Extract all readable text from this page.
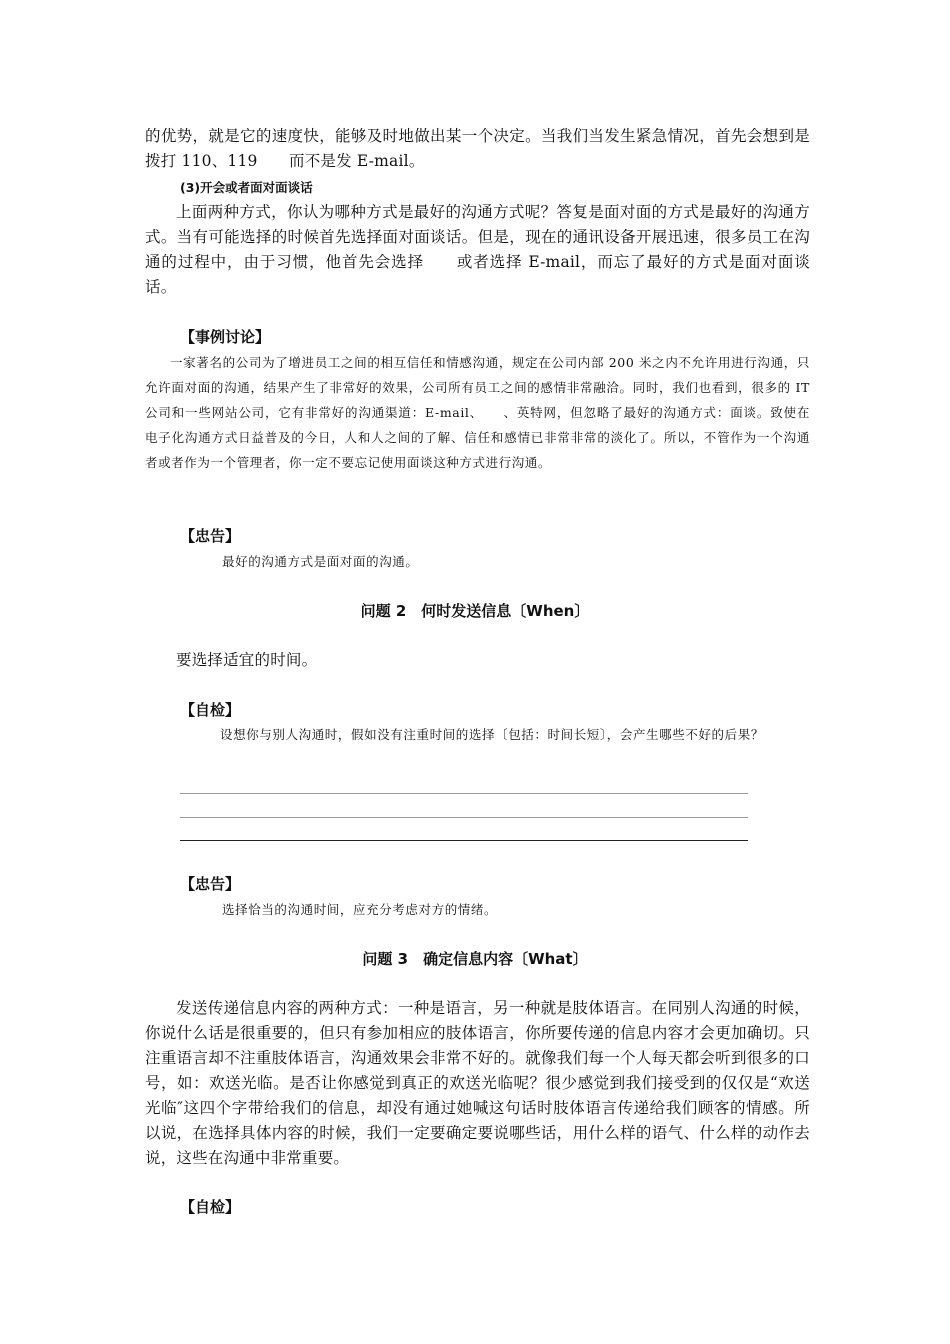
的优势，就是它的速度快，能够及时地做出某一个决定。当我们当发生紧急情况，首先会想到是拨打 110、119　　而不是发 E-mail。

(3)开会或者面对面谈话

上面两种方式，你认为哪种方式是最好的沟通方式呢？答复是面对面的方式是最好的沟通方式。当有可能选择的时候首先选择面对面谈话。但是，现在的通讯设备开展迅速，很多员工在沟通的过程中，由于习惯，他首先会选择　　或者选择 E-mail，而忘了最好的方式是面对面谈话。

【事例讨论】

一家著名的公司为了增进员工之间的相互信任和情感沟通，规定在公司内部 200 米之内不允许用进行沟通，只允许面对面的沟通，结果产生了非常好的效果，公司所有员工之间的感情非常融洽。同时，我们也看到，很多的 IT 公司和一些网站公司，它有非常好的沟通渠道：E-mail、　　、英特网，但忽略了最好的沟通方式：面谈。致使在电子化沟通方式日益普及的今日，人和人之间的了解、信任和感情已非常非常的淡化了。所以，不管作为一个沟通者或者作为一个管理者，你一定不要忘记使用面谈这种方式进行沟通。

【忠告】
最好的沟通方式是面对面的沟通。
问题 2　何时发送信息〔When〕
要选择适宜的时间。
【自检】

设想你与别人沟通时，假如没有注重时间的选择〔包括：时间长短〕，会产生哪些不好的后果？

【忠告】
选择恰当的沟通时间，应充分考虑对方的情绪。
问题 3　确定信息内容〔What〕

发送传递信息内容的两种方式：一种是语言，另一种就是肢体语言。在同别人沟通的时候，你说什么话是很重要的，但只有参加相应的肢体语言，你所要传递的信息内容才会更加确切。只注重语言却不注重肢体语言，沟通效果会非常不好的。就像我们每一个人每天都会听到很多的口号，如：欢送光临。是否让你感觉到真正的欢送光临呢？很少感觉到我们接受到的仅仅是“欢送光临″这四个字带给我们的信息，却没有通过她喊这句话时肢体语言传递给我们顾客的情感。所以说，在选择具体内容的时候，我们一定要确定要说哪些话，用什么样的语气、什么样的动作去说，这些在沟通中非常重要。

【自检】
